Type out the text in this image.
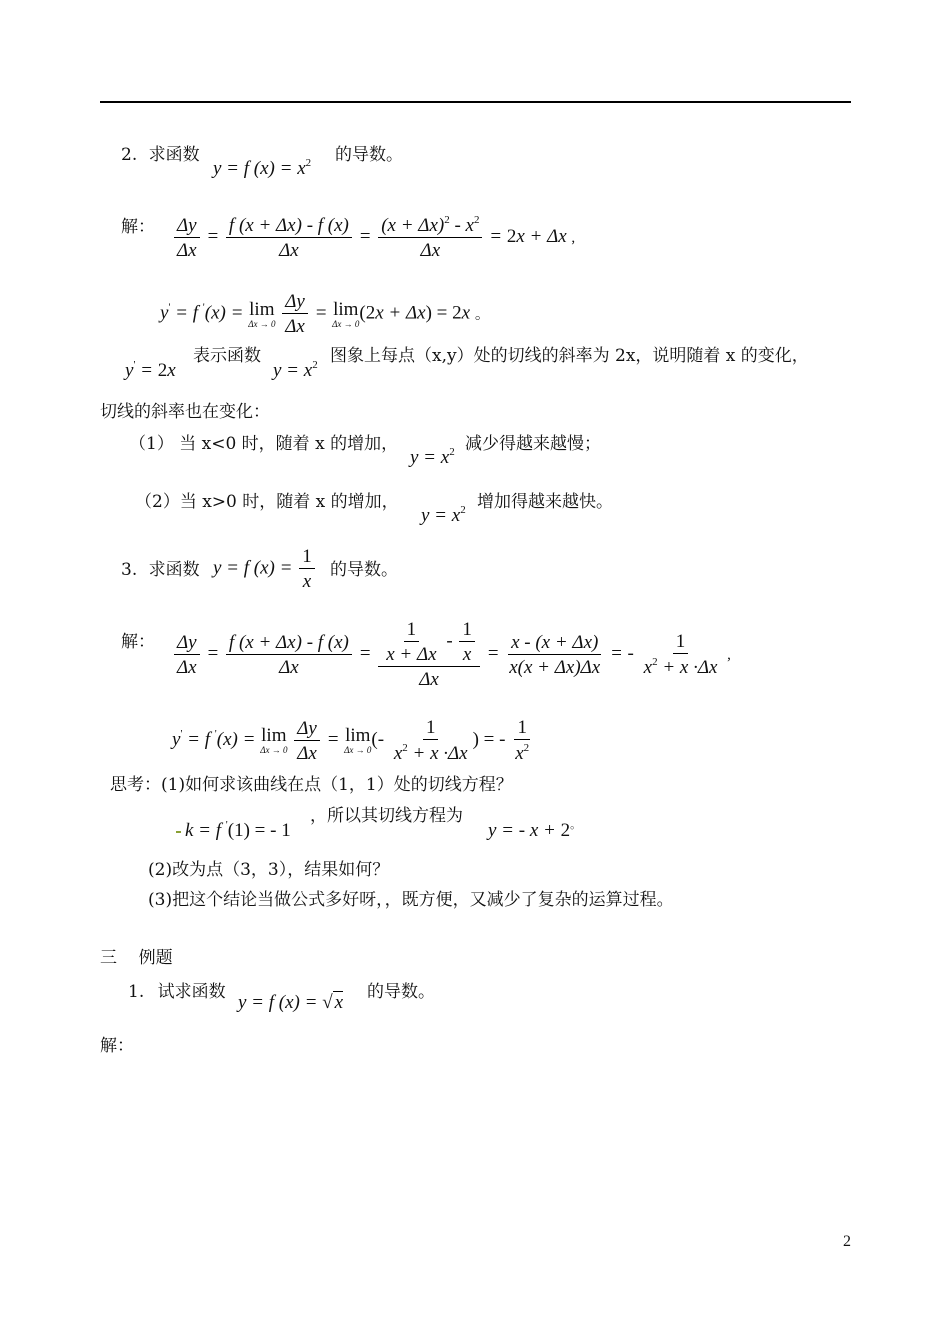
2. 求函数
y = f $(x) = x^2$ 的导数。
解： $\frac{\Delta y}{\Delta x} = \frac{f (x + \Delta x) - f (x)}{\Delta x} = \frac{(x + \Delta x)^2 - x^2}{\Delta x} = 2x + \Delta x$ ,
y' = f '(x) = lim
Δx → 0
$\frac{\Delta y}{\Delta x} = \lim$
Δx → 0
(2x + Δx) = 2x 。
y' = 2x
表示函数
$y = x^2$ 图象上每点（x,y）处的切线的斜率为 2x，说明随着 x 的变化，
切线的斜率也在变化：
（1） 当 x<0 时，随着 x 的增加，
$y = x^2$ 减少得越来越慢；
（2）当 x>0 时，随着 x 的增加，
$y = x^2$ 增加得越来越快。
3. 求函数 y = f $(x) = \frac{1}{x}$ 的导数。
解： $\frac{\Delta y}{\Delta x} = \frac{f (x + \Delta x) - f (x)}{\Delta x} = \frac{\frac{1}{x + \Delta x} - \frac{1}{x}}{\Delta x} = \frac{x - (x + \Delta x)}{x(x + \Delta x)\Delta x}$ = - $\frac{1}{x^2 + x \cdot\Delta x}$ ,
y' = f '(x) = lim
Δx → 0
$\frac{\Delta y}{\Delta x} = \lim$
Δx → 0
(- $\frac{1}{x^2 + x \cdot\Delta x}$ ) = - $\frac{1}{x^2}$
思考：(1)如何求该曲线在点（1，1）处的切线方程？
k = f '(1) = - 1
，所以其切线方程为
y = - x + 2。
(2)改为点（3，3），结果如何？
(3)把这个结论当做公式多好呀，，既方便，又减少了复杂的运算过程。
三    例题
1. 试求函数 y = f (x) = √ x 的导数。
解：
2
